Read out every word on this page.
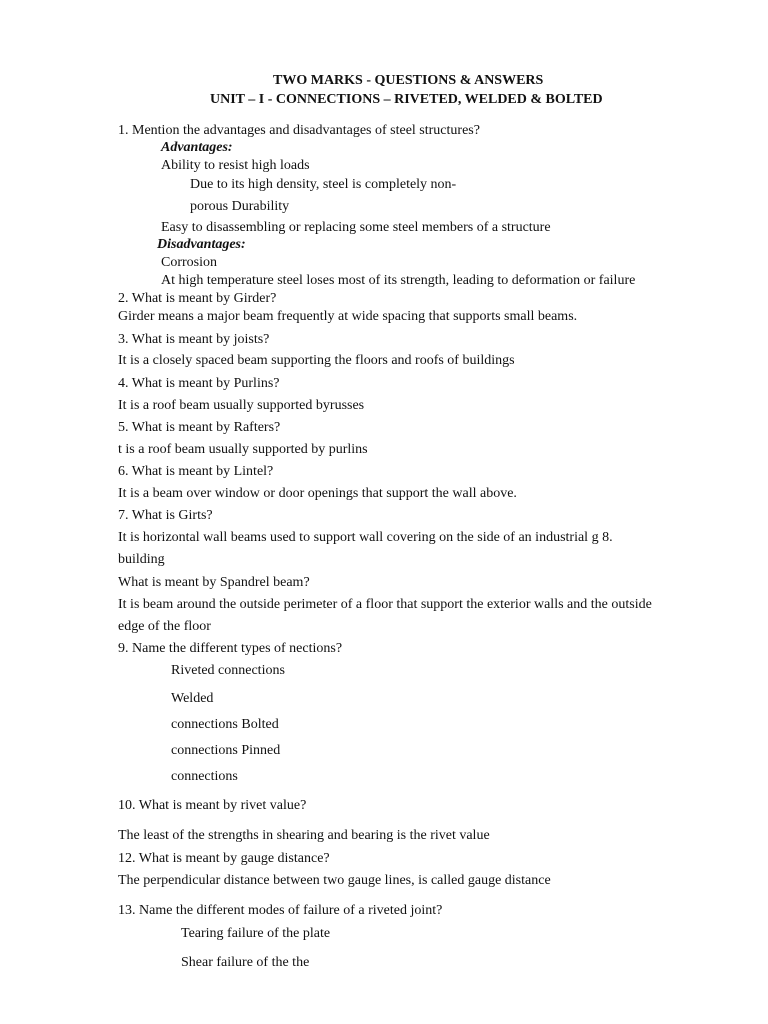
TWO MARKS - QUESTIONS & ANSWERS
UNIT – I - CONNECTIONS – RIVETED, WELDED & BOLTED
1. Mention the advantages and disadvantages of steel structures?
Advantages:
Ability to resist high loads
Due to its high density, steel is completely non-
porous Durability
Easy to disassembling or replacing some steel members of a structure
Disadvantages:
Corrosion
At high temperature steel loses most of its strength, leading to deformation or failure
2. What is meant by Girder?
Girder means a major beam frequently at wide spacing that supports small beams.
3. What is meant by joists?
It is a closely spaced beam supporting the floors and roofs of buildings
4. What is meant by Purlins?
It is a roof beam usually supported byrusses
5. What is meant by Rafters?
t is a roof beam usually supported by purlins
6. What is meant by Lintel?
It is a beam over window or door openings that support the wall above.
7. What is Girts?
It is horizontal wall beams used to support wall covering on the side of an industrial g 8.
building
What is meant by Spandrel beam?
It is beam around the outside perimeter of a floor that support the exterior walls and the outside
edge of the floor
9. Name the different types of nections?
Riveted connections
Welded
connections Bolted
connections Pinned
connections
10. What is meant by rivet value?
The least of the strengths in shearing and bearing is the rivet value
12. What is meant by gauge distance?
The perpendicular distance between two gauge lines, is called gauge distance
13. Name the different modes of failure of a riveted joint?
Tearing failure of the plate
Shear failure of the the
